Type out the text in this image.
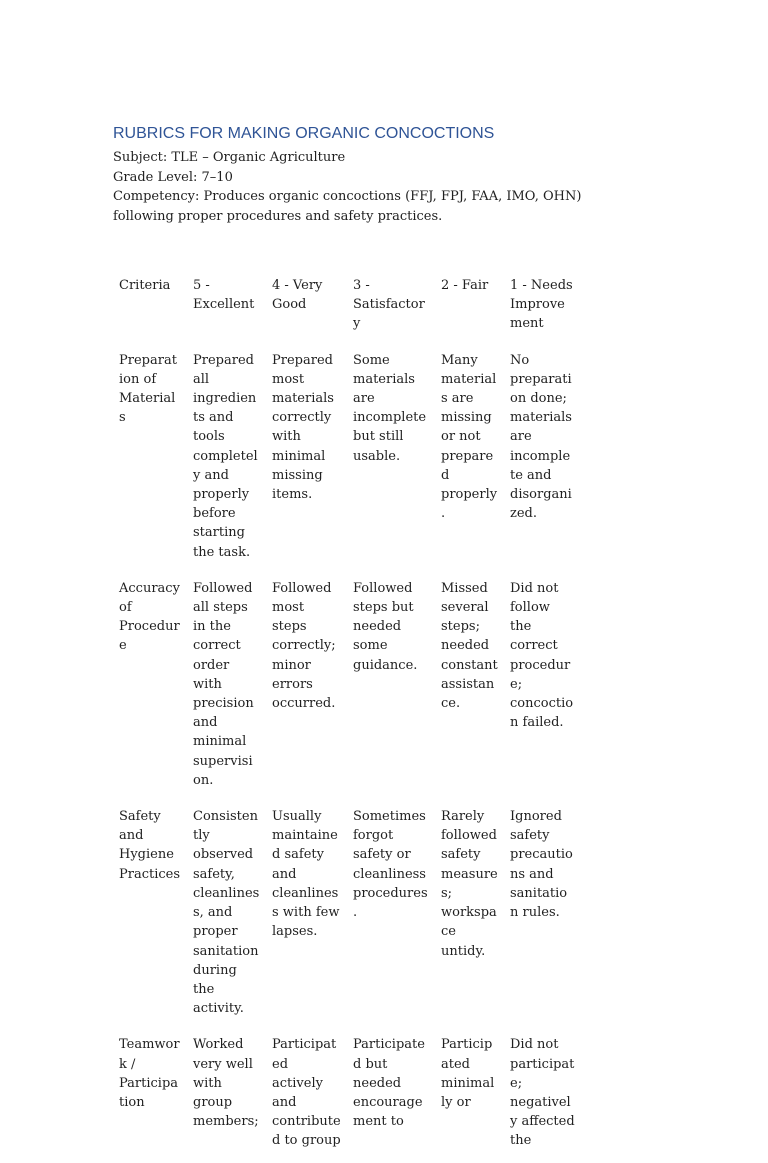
RUBRICS FOR MAKING ORGANIC CONCOCTIONS

Subject: TLE – Organic Agriculture

Grade Level: 7–10

Competency: Produces organic concoctions (FFJ, FPJ, FAA, IMO, OHN) following proper procedures and safety practices.

Criteria	5 - Excellent	4 - Very Good	3 - Satisfactory	2 - Fair	1 - Needs Improvement
Preparation of Materials	Prepared all ingredients and tools completely and properly before starting the task.	Prepared most materials correctly with minimal missing items.	Some materials are incomplete but still usable.	Many materials are missing or not prepared properly.	No preparation done; materials are incomplete and disorganized.
Accuracy of Procedure	Followed all steps in the correct order with precision and minimal supervision.	Followed most steps correctly; minor errors occurred.	Followed steps but needed some guidance.	Missed several steps; needed constant assistance.	Did not follow the correct procedure; concoction failed.
Safety and Hygiene Practices	Consistently observed safety, cleanliness, and proper sanitation during the activity.	Usually maintained safety and cleanliness with few lapses.	Sometimes forgot safety or cleanliness procedures.	Rarely followed safety measures; workspace untidy.	Ignored safety precautions and sanitation rules.
Teamwork / Participation	Worked very well with group members;	Participated actively and contributed to group	Participated but needed encouragement to	Participated minimally or	Did not participate; negatively affected the
